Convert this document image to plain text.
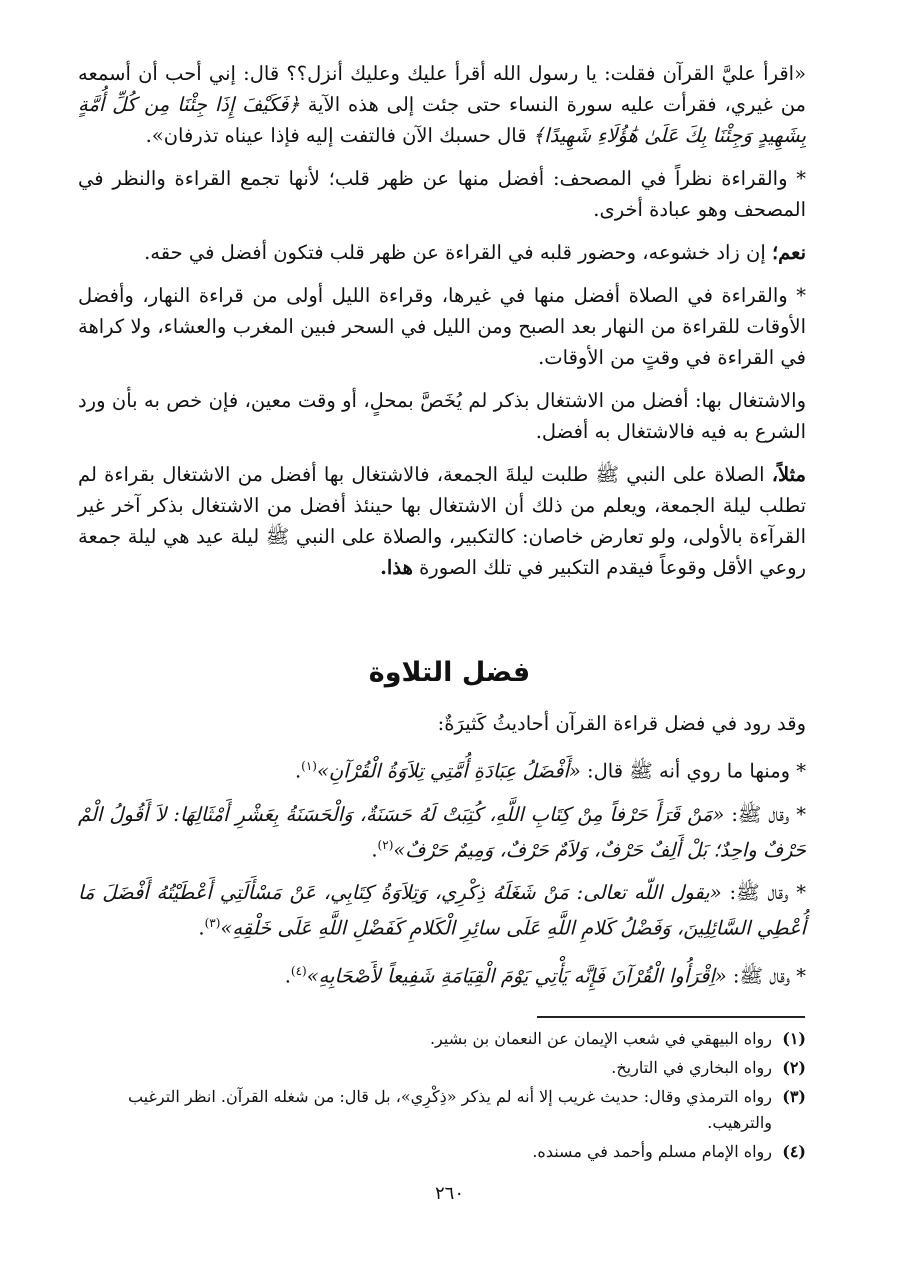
«اقرأ عليَّ القرآن فقلت: يا رسول الله أقرأ عليك وعليك أنزل؟؟ قال: إني أحب أن أسمعه من غيري، فقرأت عليه سورة النساء حتى جئت إلى هذه الآية ﴿فَكَيْفَ إِذَا جِئْنَا مِن كُلِّ أُمَّةٍ بِشَهِيدٍ وَجِئْنَا بِكَ عَلَىٰ هَٰؤُلَاءِ شَهِيدًا﴾ قال حسبك الآن فالتفت إليه فإذا عيناه تذرفان».

* والقراءة نظراً في المصحف: أفضل منها عن ظهر قلب؛ لأنها تجمع القراءة والنظر في المصحف وهو عبادة أخرى.

نعم؛ إن زاد خشوعه، وحضور قلبه في القراءة عن ظهر قلب فتكون أفضل في حقه.

* والقراءة في الصلاة أفضل منها في غيرها، وقراءة الليل أولى من قراءة النهار، وأفضل الأوقات للقراءة من النهار بعد الصبح ومن الليل في السحر فبين المغرب والعشاء، ولا كراهة في القراءة في وقتٍ من الأوقات.

والاشتغال بها: أفضل من الاشتغال بذكر لم يُخَصَّ بمحلٍ، أو وقت معين، فإن خص به بأن ورد الشرع به فيه فالاشتغال به أفضل.

مثلاً، الصلاة على النبي ﷺ طلبت ليلةَ الجمعة، فالاشتغال بها أفضل من الاشتغال بقراءة لم تطلب ليلة الجمعة، ويعلم من ذلك أن الاشتغال بها حينئذ أفضل من الاشتغال بذكر آخر غير القرآءة بالأولى، ولو تعارض خاصان: كالتكبير، والصلاة على النبي ﷺ ليلة عيد هي ليلة جمعة روعي الأقل وقوعاً فيقدم التكبير في تلك الصورة هذا.

فضل التلاوة

وقد رود في فضل قراءة القرآن أحاديثُ كَثيرَةٌ:

* ومنها ما روي أنه ﷺ قال: «أَفْضَلُ عِبَادَةِ أُمَّتِي تِلاَوَةُ الْقُرْآنِ»$^{(١)}$.

* وقال ﷺ: «مَنْ قَرَأَ حَرْفاً مِنْ كِتَابِ اللَّهِ، كُتِبَتْ لَهُ حَسَنَةٌ، وَالْحَسَنَةُ بِعَشْرِ أَمْثَالِهَا: لاَ أَقُولُ الْمْ حَرْفٌ واحِدٌ؛ بَلْ أَلِفٌ حَرْفٌ، وَلاَمٌ حَرْفٌ، وَمِيمٌ حَرْفٌ»$^{(٢)}$.

* وقال ﷺ: «يقول اللّه تعالى: مَنْ شَغَلَهُ ذِكْرِي، وَتِلاَوَةُ كِتَابِي، عَنْ مَسْأَلَتِي أَعْطَيْتُهُ أَفْضَلَ مَا أُعْطِي السَّائِلِينَ، وَفَضْلُ كَلامِ اللَّهِ عَلَى سائِرِ الْكَلامِ كَفَضْلِ اللَّهِ عَلَى خَلْقِهِ»$^{(٣)}$.

* وقال ﷺ: «اِقْرَأُوا الْقُرْآنَ فَإِنَّه يَأْتِي يَوْمَ الْقِيَامَةِ شَفِيعاً لأَصْحَابِهِ»$^{(٤)}$.

(١)
رواه البيهقي في شعب الإيمان عن النعمان بن بشير.
(٢)
رواه البخاري في التاريخ.
(٣)
رواه الترمذي وقال: حديث غريب إلا أنه لم يذكر «ذِكْرِي»، بل قال: من شغله القرآن. انظر الترغيب والترهيب.
(٤)
رواه الإمام مسلم وأحمد في مسنده.
٢٦٠
